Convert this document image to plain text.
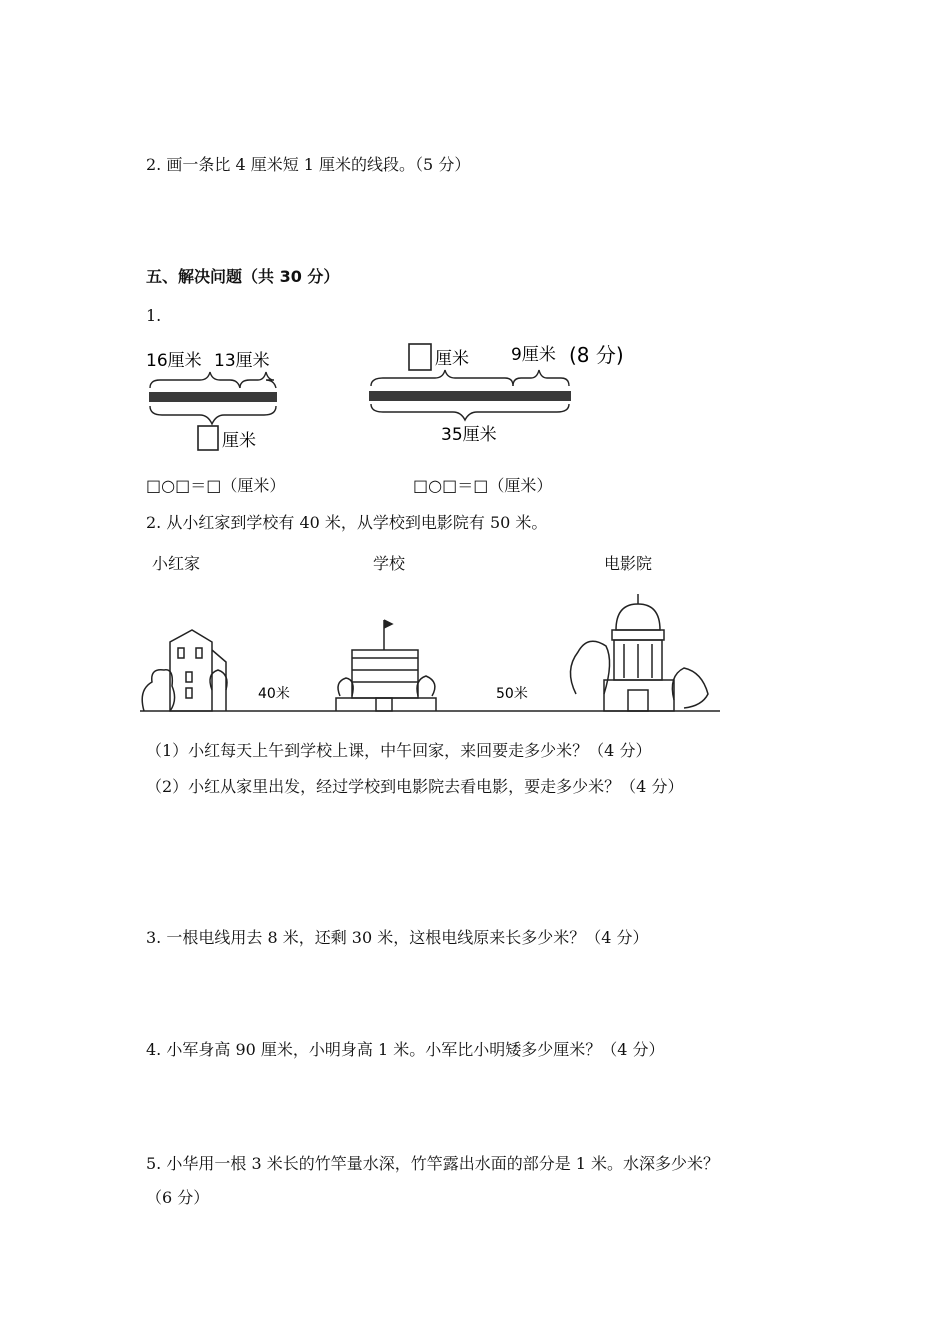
2. 画一条比 4 厘米短 1 厘米的线段。（5 分）
五、解决问题（共 30 分）
1.
16厘米 13厘米
厘米
厘米 9厘米 (8 分)
35厘米
□○□＝□（厘米）	□○□＝□（厘米）
2. 从小红家到学校有 40 米，从学校到电影院有 50 米。
小红家	学校	电影院
40米	50米
（1）小红每天上午到学校上课，中午回家，来回要走多少米？（4 分）
（2）小红从家里出发，经过学校到电影院去看电影，要走多少米？（4 分）
3. 一根电线用去 8 米，还剩 30 米，这根电线原来长多少米？（4 分）
4. 小军身高 90 厘米，小明身高 1 米。小军比小明矮多少厘米？（4 分）
5. 小华用一根 3 米长的竹竿量水深，竹竿露出水面的部分是 1 米。水深多少米？
（6 分）
